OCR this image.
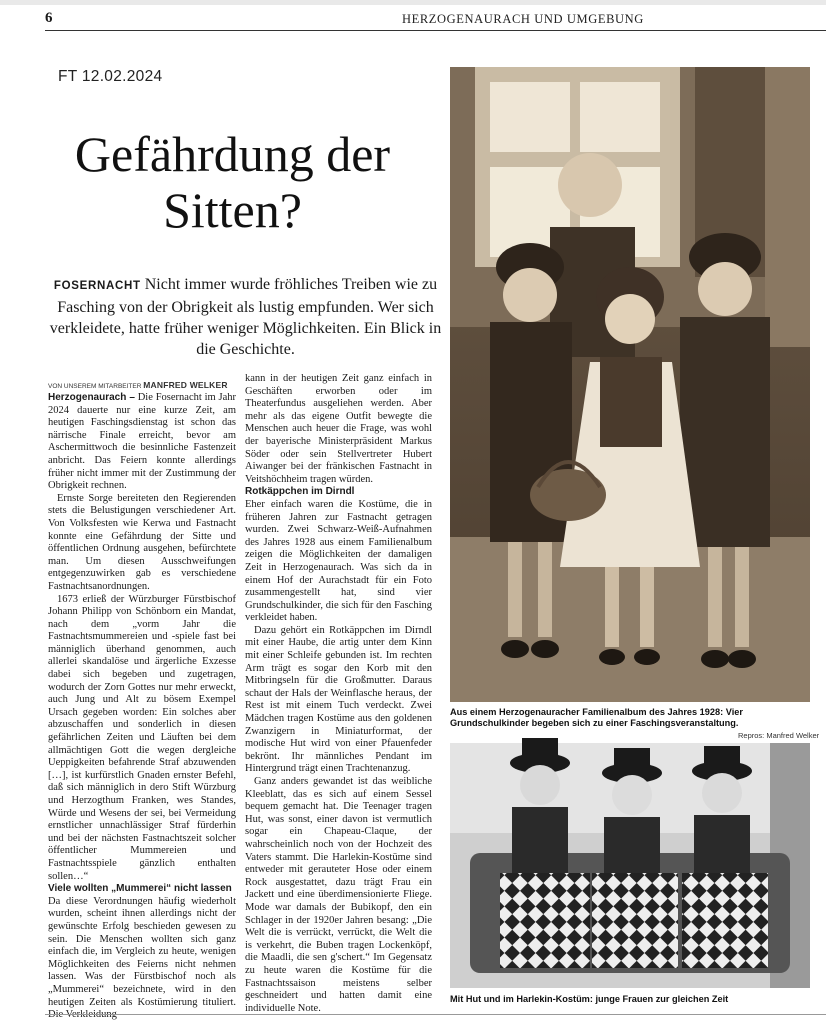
6	HERZOGENAURACH UND UMGEBUNG
FT 12.02.2024
Gefährdung der Sitten?
FOSERNACHT Nicht immer wurde fröhliches Treiben wie zu Fasching von der Obrigkeit als lustig empfunden. Wer sich verkleidete, hatte früher weniger Möglichkeiten. Ein Blick in die Geschichte.
VON UNSEREM MITARBEITER MANFRED WELKER

Herzogenaurach – Die Fosernacht im Jahr 2024 dauerte nur eine kurze Zeit, am heutigen Faschingsdienstag ist schon das närrische Finale erreicht, bevor am Aschermittwoch die besinnliche Fastenzeit anbricht. Das Feiern konnte allerdings früher nicht immer mit der Zustimmung der Obrigkeit rechnen.

Ernste Sorge bereiteten den Regierenden stets die Belustigungen verschiedener Art. Von Volksfesten wie Kerwa und Fastnacht konnte eine Gefährdung der Sitte und öffentlichen Ordnung ausgehen, befürchtete man. Um diesen Ausschweifungen entgegenzuwirken gab es verschiedene Fastnachtsanordnungen.

1673 erließ der Würzburger Fürstbischof Johann Philipp von Schönborn ein Mandat, nach dem „vorm Jahr die Fastnachtsmummereien und -spiele fast bei männiglich überhand genommen, auch allerlei skandalöse und ärgerliche Exzesse dabei sich begeben und zugetragen, wodurch der Zorn Gottes nur mehr erweckt, auch Jung und Alt zu bösem Exempel Ursach gegeben worden: Ein solches aber abzuschaffen und sonderlich in diesen gefährlichen Zeiten und Läuften bei dem allmächtigen Gott die wegen dergleiche Uеppigkeiten befahrende Straf abzuwenden […], ist kurfürstlich Gnaden ernster Befehl, daß sich männiglich in dero Stift Würzburg und Herzogthum Franken, wes Standes, Würde und Wesens der sei, bei Vermeidung ernstlicher unnachlässiger Straf fürderhin und bei der nächsten Fastnachtszeit solcher öffentlicher Mummereien und Fastnachtsspiele gänzlich enthalten sollen…“

Viele wollten „Mummerei“ nicht lassen

Da diese Verordnungen häufig wiederholt wurden, scheint ihnen allerdings nicht der gewünschte Erfolg beschieden gewesen zu sein. Die Menschen wollten sich ganz einfach die, im Vergleich zu heute, wenigen Möglichkeiten des Feierns nicht nehmen lassen. Was der Fürstbischof noch als „Mummerei“ bezeichnete, wird in den heutigen Zeiten als Kostümierung tituliert.

kann in der heutigen Zeit ganz einfach in Geschäften erworben oder im Theaterfundus ausgeliehen werden. Aber mehr als das eigene Outfit bewegte die Menschen auch heuer die Frage, was wohl der bayerische Ministerpräsident Markus Söder oder sein Stellvertreter Hubert Aiwanger bei der fränkischen Fastnacht in Veitshöchheim tragen würden.

Rotkäppchen im Dirndl

Eher einfach waren die Kostüme, die in früheren Jahren zur Fastnacht getragen wurden. Zwei Schwarz-Weiß-Aufnahmen des Jahres 1928 aus einem Familienalbum zeigen die Möglichkeiten der damaligen Zeit in Herzogenaurach. Was sich da in einem Hof der Aurachstadt für ein Foto zusammengestellt hat, sind vier Grundschulkinder, die sich für den Fasching verkleidet haben.

Dazu gehört ein Rotkäppchen im Dirndl mit einer Haube, die artig unter dem Kinn mit einer Schleife gebunden ist. Im rechten Arm trägt es sogar den Korb mit den Mitbringseln für die Großmutter. Daraus schaut der Hals der Weinflasche heraus, der Rest ist mit einem Tuch verdeckt. Zwei Mädchen tragen Kostüme aus den goldenen Zwanzigern in Miniaturformat, der modische Hut wird von einer Pfauenfeder bekrönt. Ihr männliches Pendant im Hintergrund trägt einen Trachtenanzug.

Ganz anders gewandet ist das weibliche Kleeblatt, das es sich auf einem Sessel bequem gemacht hat. Die Teenager tragen Hut, was sonst, einer davon ist vermutlich sogar ein Chapeau-Claque, der wahrscheinlich noch von der Hochzeit des Vaters stammt. Die Harlekin-Kostüme sind entweder mit gerauteter Hose oder einem Rock ausgestattet, dazu trägt Frau ein Jackett und eine überdimensionierte Fliege. Mode war damals der Bubikopf, den ein Schlager in der 1920er Jahren besang: „Die Welt die is verrückt, verrückt, die Welt die is verkehrt, die Buben tragen Lockenköpf, die Maadli, die sen g'schert.“ Im Gegensatz zu heute waren die Kostüme für die Fastnachtssaison meistens selber geschneidert und hatten damit eine individuelle Note.

Aus einem Herzogenauracher Familienalbum des Jahres 1928: Vier Grundschulkinder begeben sich zu einer Faschingsveranstaltung.
Repros: Manfred Welker
Mit Hut und im Harlekin-Kostüm: junge Frauen zur gleichen Zeit
